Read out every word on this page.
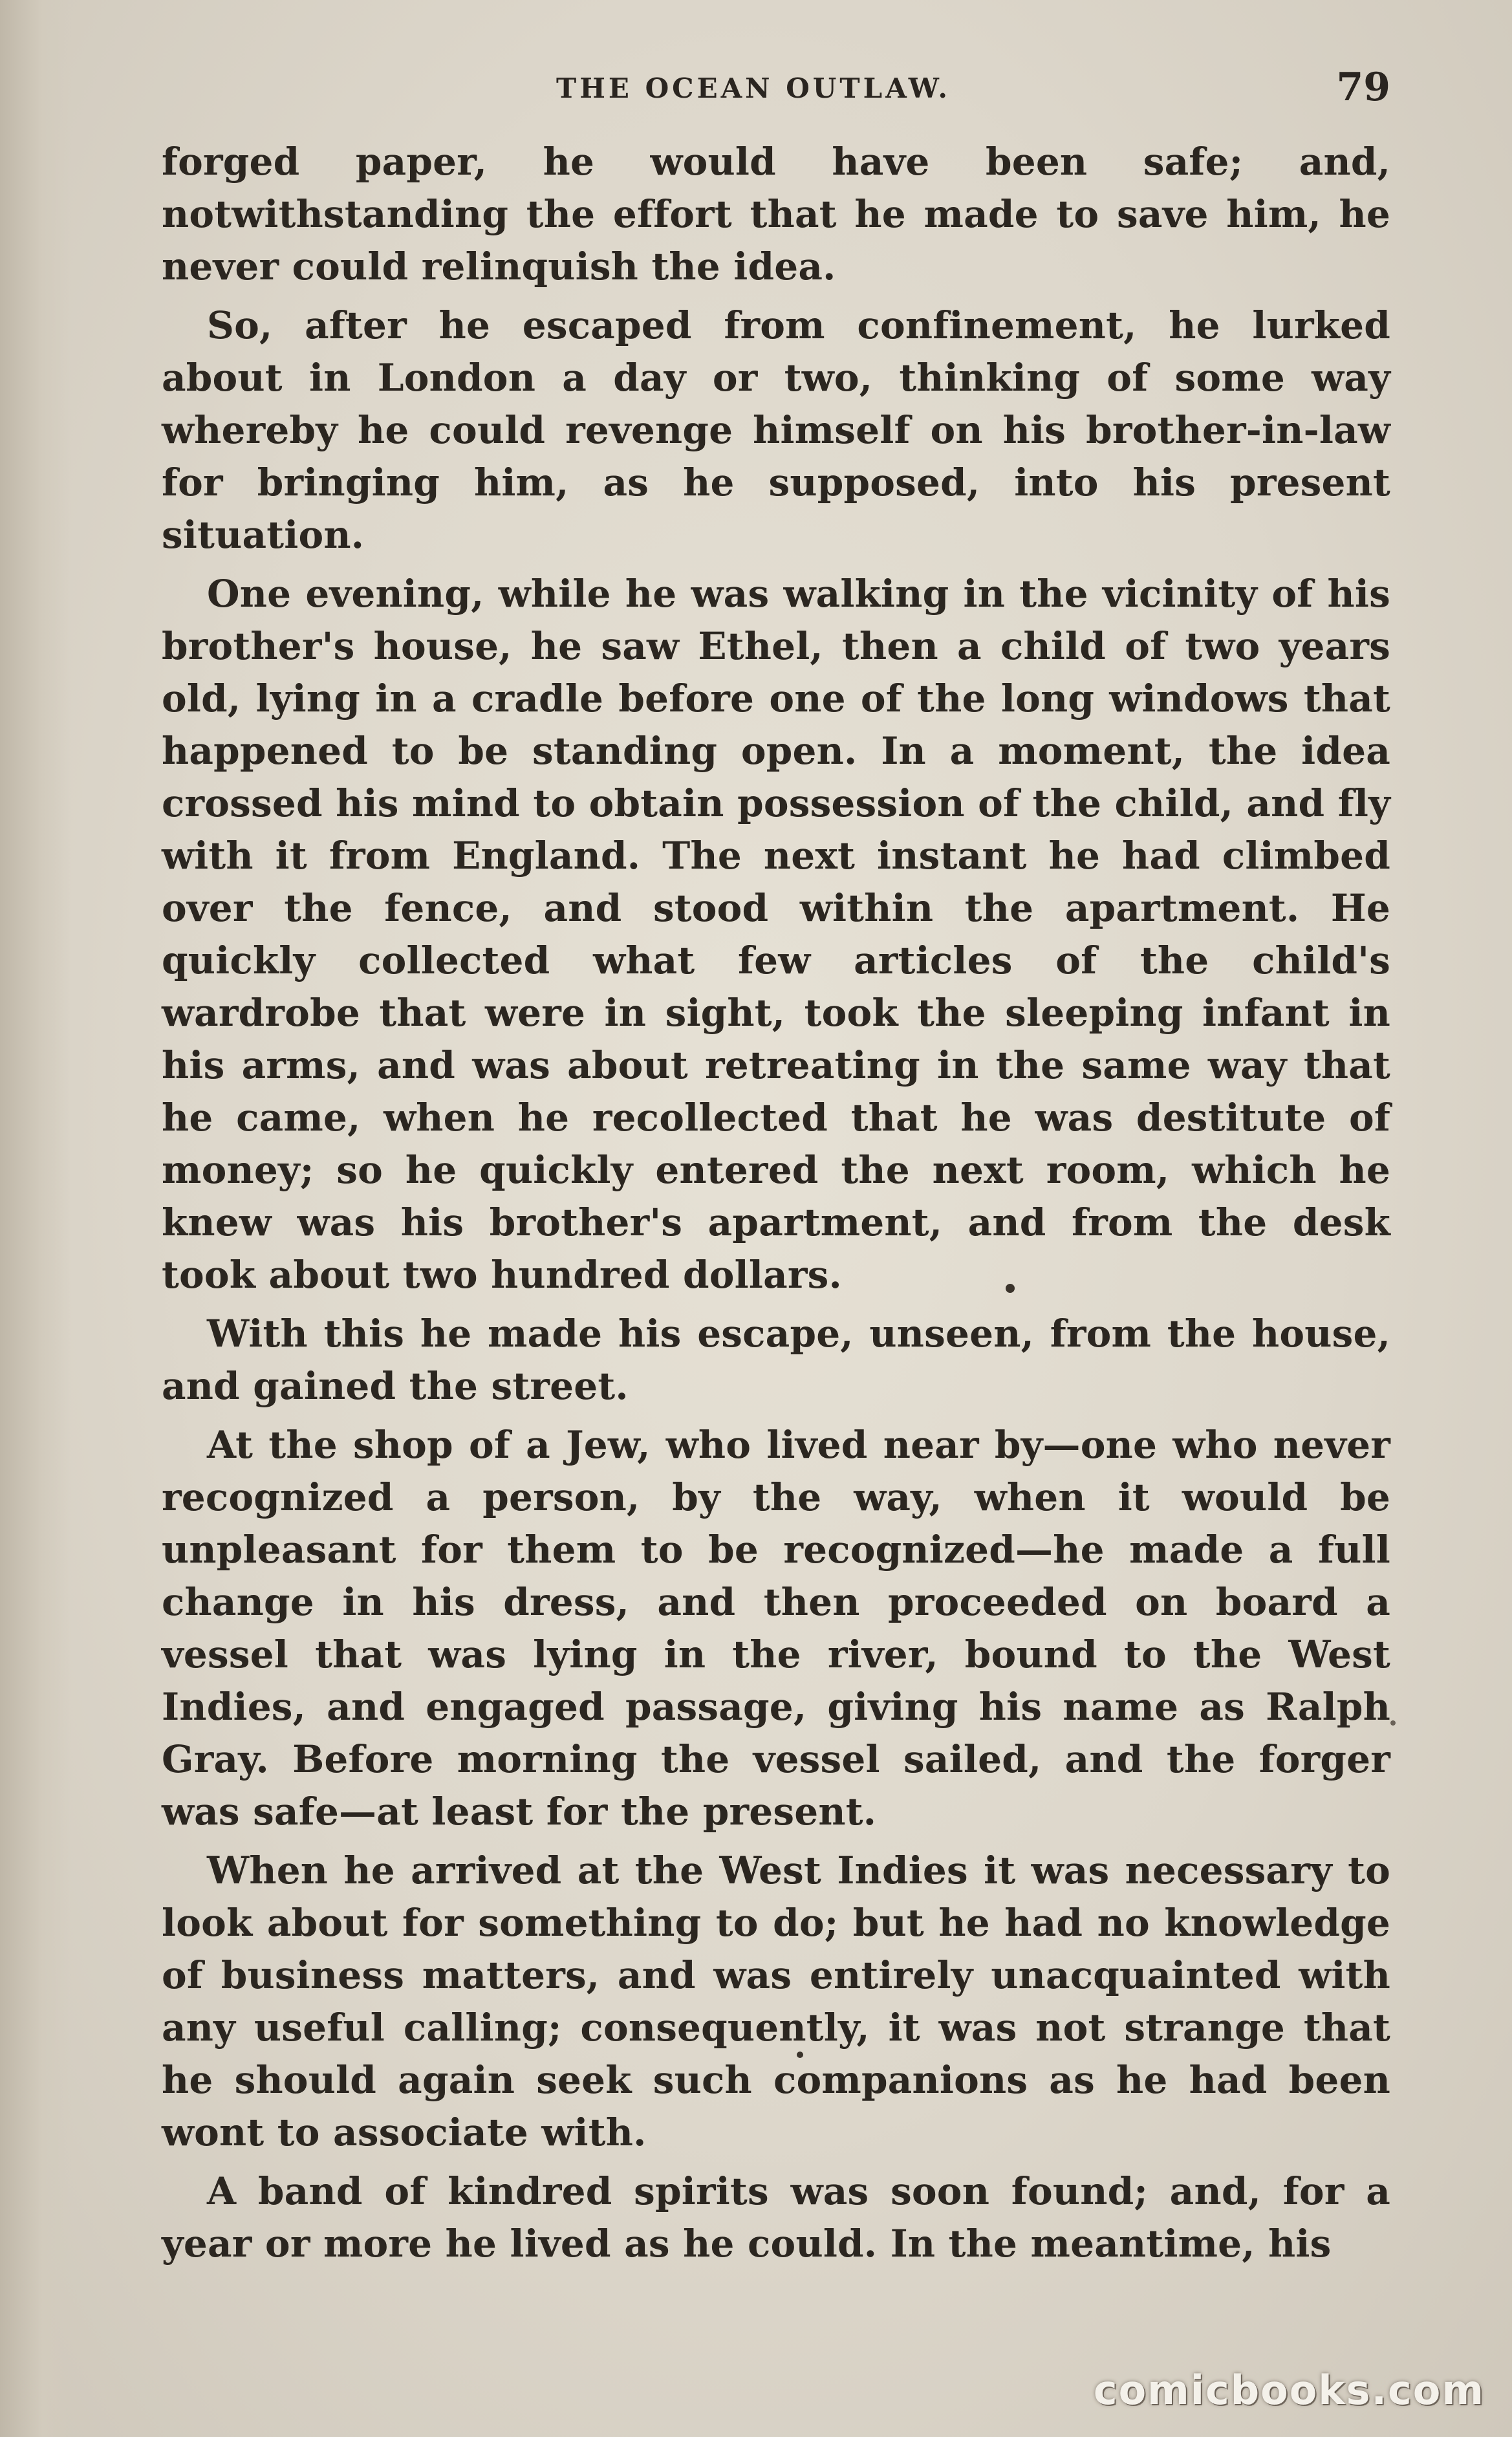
THE OCEAN OUTLAW.	79

forged paper, he would have been safe; and, notwithstanding the effort that he made to save him, he never could relinquish the idea.

So, after he escaped from confinement, he lurked about in London a day or two, thinking of some way whereby he could revenge himself on his brother-in-law for bringing him, as he supposed, into his present situation.

One evening, while he was walking in the vicinity of his brother's house, he saw Ethel, then a child of two years old, lying in a cradle before one of the long windows that happened to be standing open. In a moment, the idea crossed his mind to obtain possession of the child, and fly with it from England. The next instant he had climbed over the fence, and stood within the apartment. He quickly collected what few articles of the child's wardrobe that were in sight, took the sleeping infant in his arms, and was about retreating in the same way that he came, when he recollected that he was destitute of money; so he quickly entered the next room, which he knew was his brother's apartment, and from the desk took about two hundred dollars.

With this he made his escape, unseen, from the house, and gained the street.

At the shop of a Jew, who lived near by—one who never recognized a person, by the way, when it would be unpleasant for them to be recognized—he made a full change in his dress, and then proceeded on board a vessel that was lying in the river, bound to the West Indies, and engaged passage, giving his name as Ralph Gray. Before morning the vessel sailed, and the forger was safe—at least for the present.

When he arrived at the West Indies it was necessary to look about for something to do; but he had no knowledge of business matters, and was entirely unacquainted with any useful calling; consequently, it was not strange that he should again seek such companions as he had been wont to associate with.

A band of kindred spirits was soon found; and, for a year or more he lived as he could. In the meantime, his

comicbooks.com
